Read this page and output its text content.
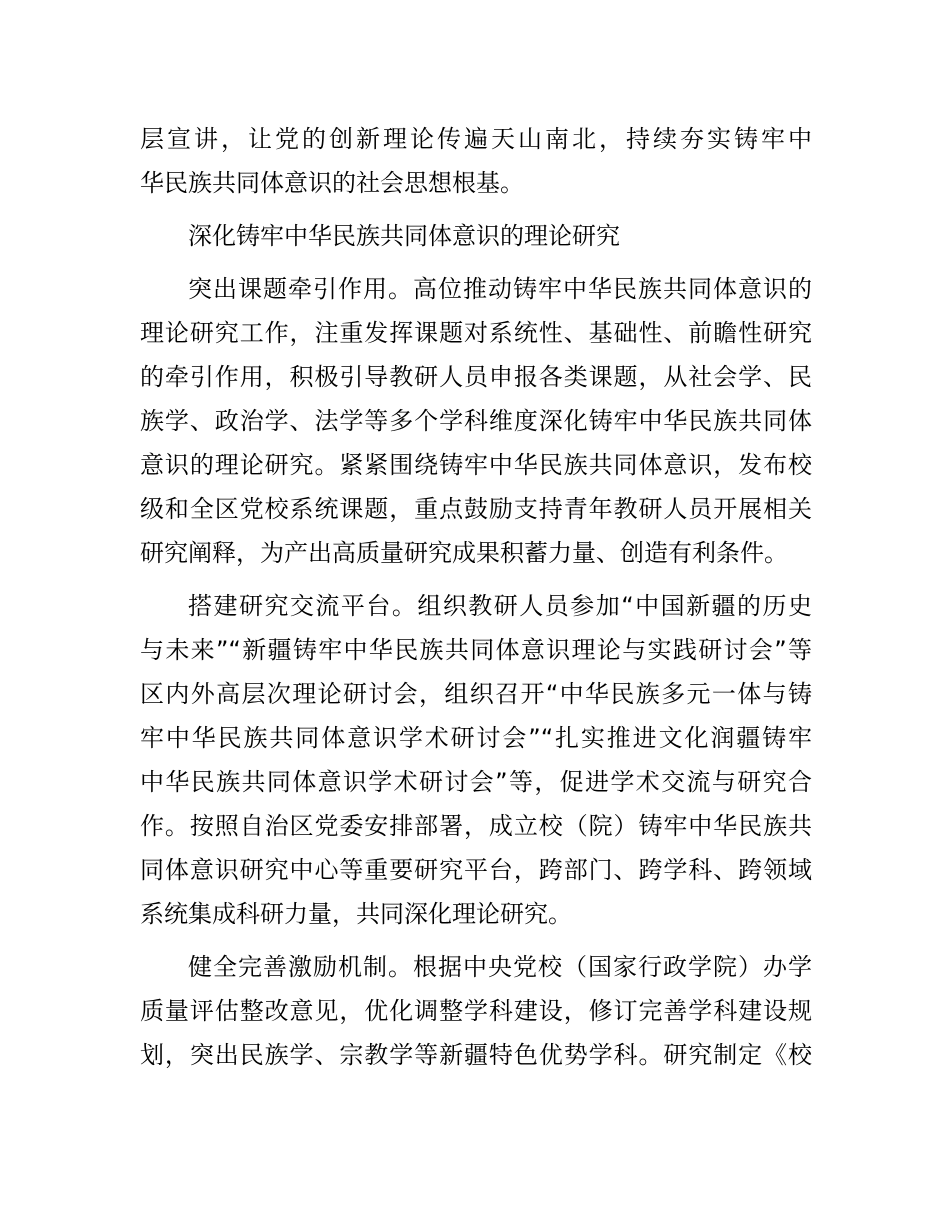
层宣讲，让党的创新理论传遍天山南北，持续夯实铸牢中
华民族共同体意识的社会思想根基。
深化铸牢中华民族共同体意识的理论研究
突出课题牵引作用。高位推动铸牢中华民族共同体意识的
理论研究工作，注重发挥课题对系统性、基础性、前瞻性研究
的牵引作用，积极引导教研人员申报各类课题，从社会学、民
族学、政治学、法学等多个学科维度深化铸牢中华民族共同体
意识的理论研究。紧紧围绕铸牢中华民族共同体意识，发布校
级和全区党校系统课题，重点鼓励支持青年教研人员开展相关
研究阐释，为产出高质量研究成果积蓄力量、创造有利条件。
搭建研究交流平台。组织教研人员参加“中国新疆的历史
与未来”“新疆铸牢中华民族共同体意识理论与实践研讨会”等
区内外高层次理论研讨会，组织召开“中华民族多元一体与铸
牢中华民族共同体意识学术研讨会”“扎实推进文化润疆铸牢
中华民族共同体意识学术研讨会”等，促进学术交流与研究合
作。按照自治区党委安排部署，成立校（院）铸牢中华民族共
同体意识研究中心等重要研究平台，跨部门、跨学科、跨领域
系统集成科研力量，共同深化理论研究。
健全完善激励机制。根据中央党校（国家行政学院）办学
质量评估整改意见，优化调整学科建设，修订完善学科建设规
划，突出民族学、宗教学等新疆特色优势学科。研究制定《校
